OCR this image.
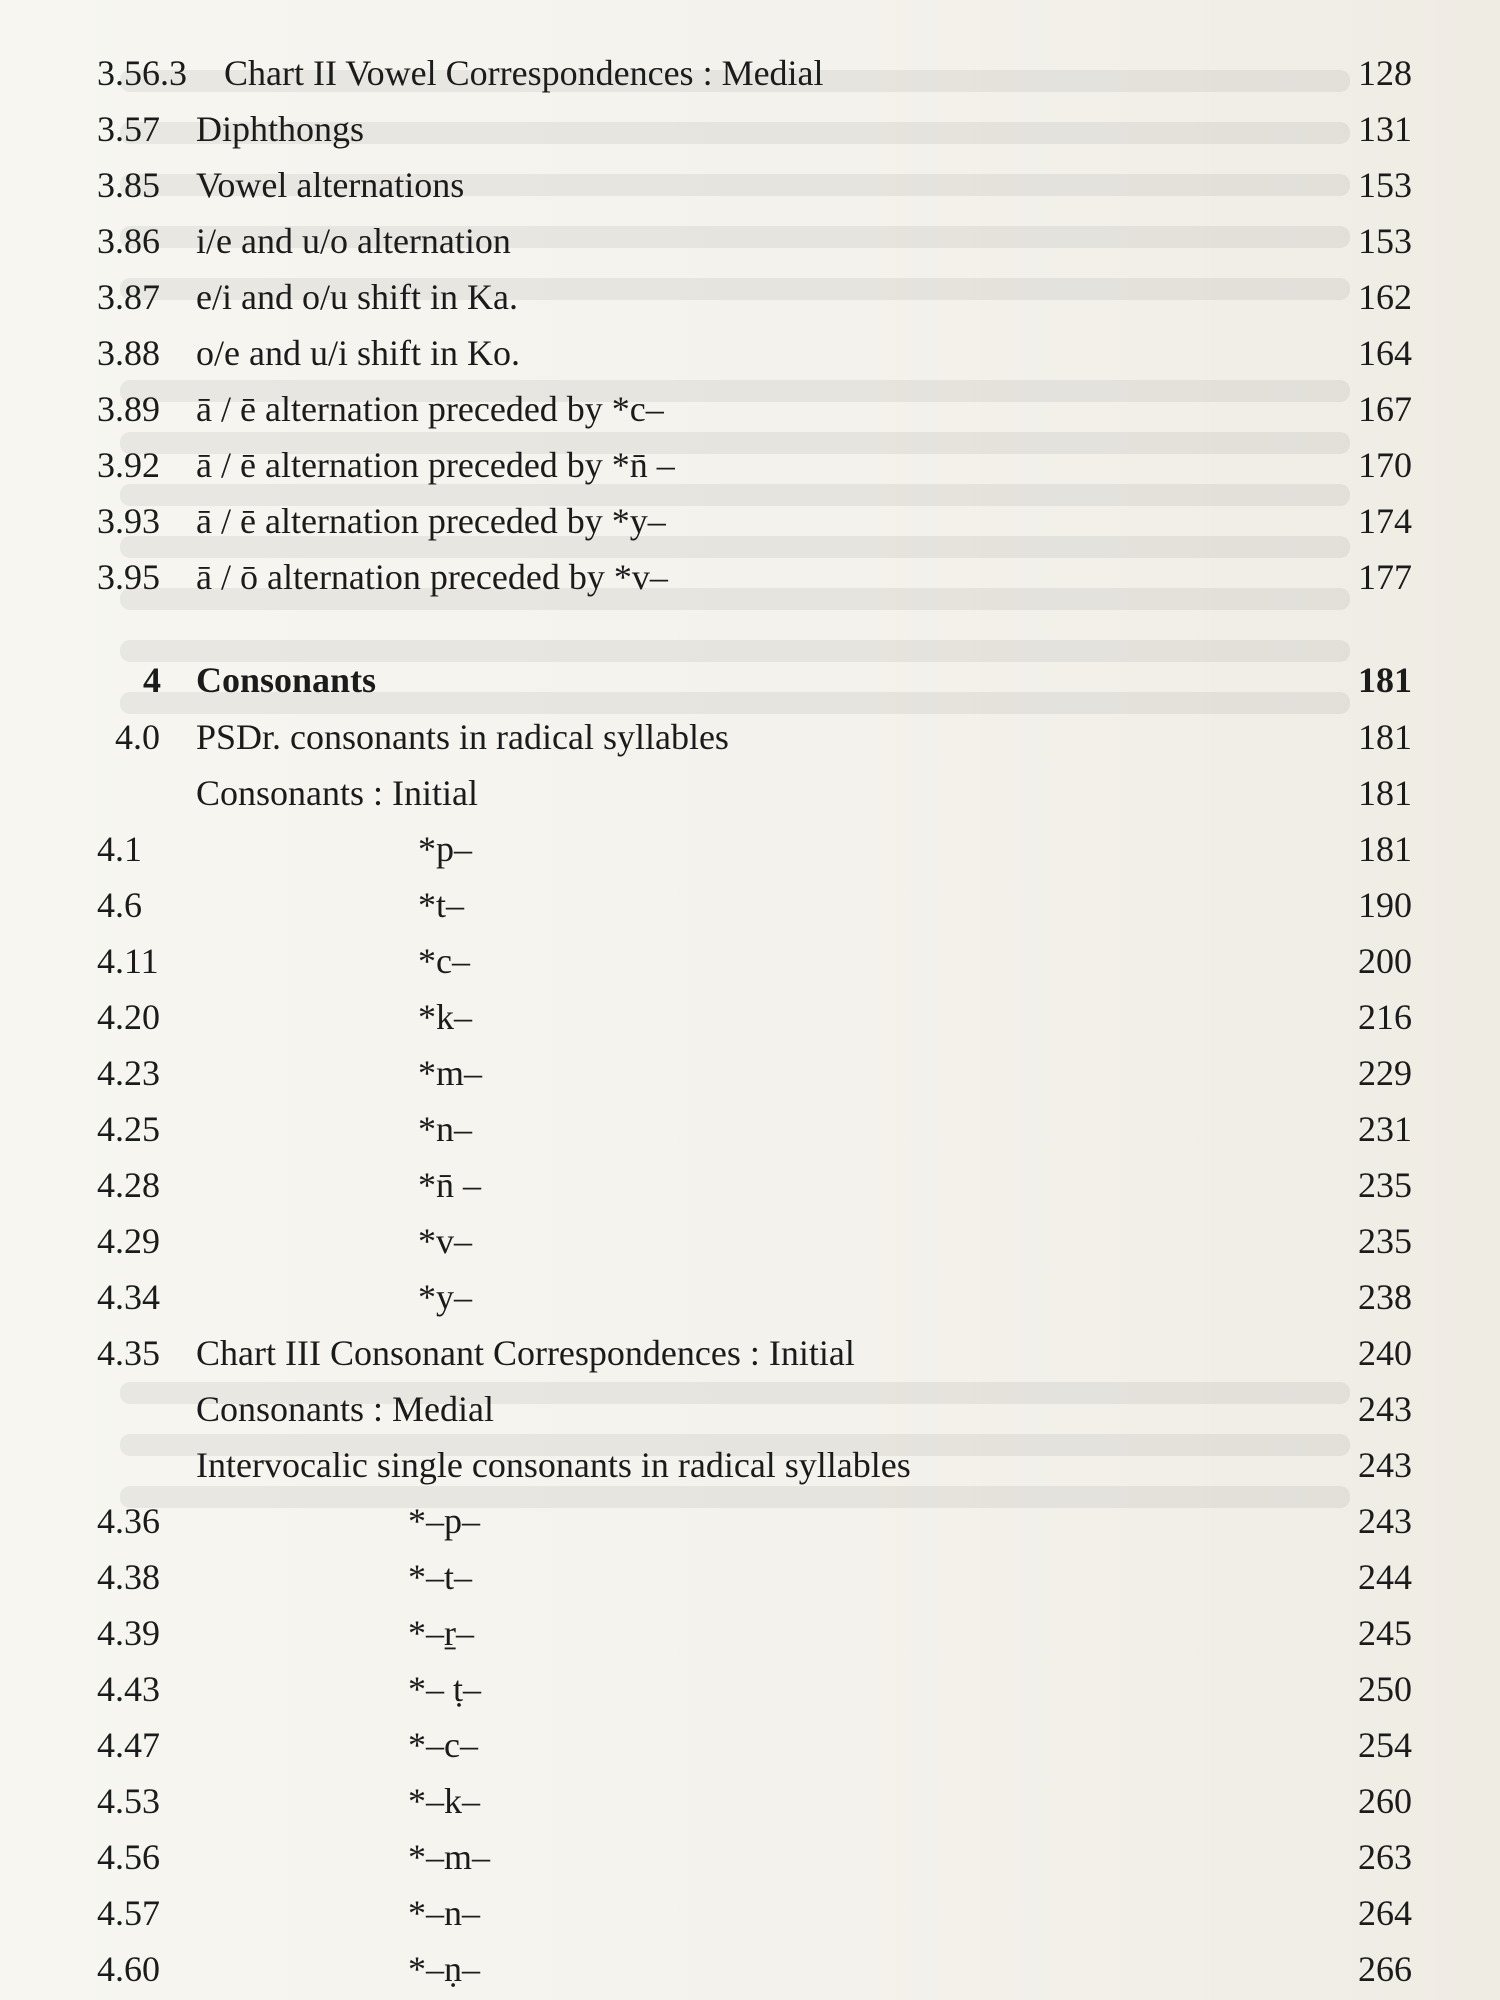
3.56.3 Chart II Vowel Correspondences : Medial	128
3.57 Diphthongs	131
3.85 Vowel alternations	153
3.86 i/e and u/o alternation	153
3.87 e/i and o/u shift in Ka.	162
3.88 o/e and u/i shift in Ko.	164
3.89 ā / ē alternation preceded by *c–	167
3.92 ā / ē alternation preceded by *n̄ –	170
3.93 ā / ē alternation preceded by *y–	174
3.95 ā / ō alternation preceded by *v–	177
4 Consonants	181
4.0 PSDr. consonants in radical syllables	181
Consonants : Initial	181
4.1	*p–	181
4.6	*t–	190
4.11	*c–	200
4.20	*k–	216
4.23	*m–	229
4.25	*n–	231
4.28	*n̄ –	235
4.29	*v–	235
4.34	*y–	238
4.35 Chart III Consonant Correspondences : Initial	240
Consonants : Medial	243
Intervocalic single consonants in radical syllables	243
4.36	*–p–	243
4.38	*–t–	244
4.39	*–ṟ–	245
4.43	*– ṭ–	250
4.47	*–c–	254
4.53	*–k–	260
4.56	*–m–	263
4.57	*–n–	264
4.60	*–ṇ–	266
